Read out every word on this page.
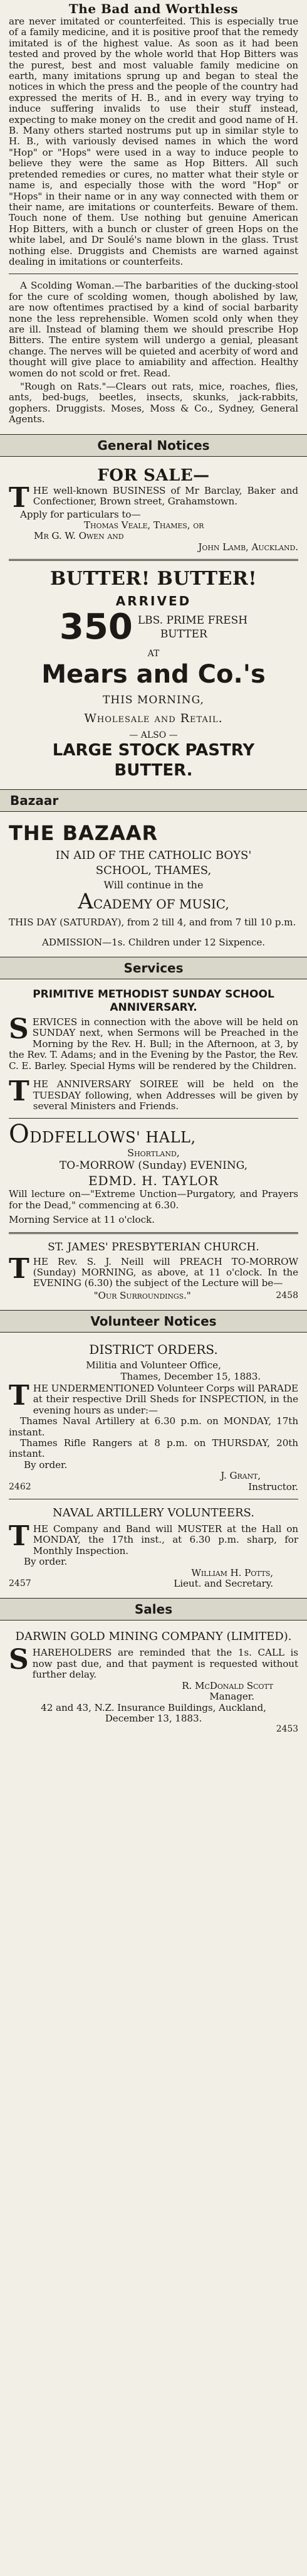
The Bad and Worthless

are never imitated or counterfeited. This is especially true of a family medicine, and it is positive proof that the remedy imitated is of the highest value. As soon as it had been tested and proved by the whole world that Hop Bitters was the purest, best and most valuable family medicine on earth, many imitations sprung up and began to steal the notices in which the press and the people of the country had expressed the merits of H. B., and in every way trying to induce suffering invalids to use their stuff instead, expecting to make money on the credit and good name of H. B. Many others started nostrums put up in similar style to H. B., with variously devised names in which the word "Hop" or "Hops" were used in a way to induce people to believe they were the same as Hop Bitters. All such pretended remedies or cures, no matter what their style or name is, and especially those with the word "Hop" or "Hops" in their name or in any way connected with them or their name, are imitations or counterfeits. Beware of them. Touch none of them. Use nothing but genuine American Hop Bitters, with a bunch or cluster of green Hops on the white label, and Dr Soulé's name blown in the glass. Trust nothing else. Druggists and Chemists are warned against dealing in imitations or counterfeits.

A Scolding Woman.—The barbarities of the ducking-stool for the cure of scolding women, though abolished by law, are now oftentimes practised by a kind of social barbarity none the less reprehensible. Women scold only when they are ill. Instead of blaming them we should prescribe Hop Bitters. The entire system will undergo a genial, pleasant change. The nerves will be quieted and acerbity of word and thought will give place to amiability and affection. Healthy women do not scold or fret. Read.

"Rough on Rats."—Clears out rats, mice, roaches, flies, ants, bed-bugs, beetles, insects, skunks, jack-rabbits, gophers. Druggists. Moses, Moss & Co., Sydney, General Agents.

General Notices
FOR SALE—
T HE well-known BUSINESS of Mr Barclay, Baker and Confectioner, Brown street, Grahamstown.

Apply for particulars to—

Thomas Veale, Thames, or

Mr G. W. Owen and

John Lamb, Auckland.

BUTTER! BUTTER!
ARRIVED
350 LBS. PRIME FRESH
BUTTER
AT
Mears and Co.'s
THIS MORNING,
Wholesale and Retail.
— ALSO —
LARGE STOCK PASTRY
BUTTER.
Bazaar
THE BAZAAR
IN AID OF THE CATHOLIC BOYS'
SCHOOL, THAMES,
Will continue in the
ACADEMY OF MUSIC,

THIS DAY (SATURDAY), from 2 till 4, and from 7 till 10 p.m.

ADMISSION—1s. Children under 12 Sixpence.

Services
PRIMITIVE METHODIST SUNDAY SCHOOL ANNIVERSARY.
S ERVICES in connection with the above will be held on SUNDAY next, when Sermons will be Preached in the Morning by the Rev. H. Bull; in the Afternoon, at 3, by the Rev. T. Adams; and in the Evening by the Pastor, the Rev. C. E. Barley. Special Hyms will be rendered by the Children.

T HE ANNIVERSARY SOIREE will be held on the TUESDAY following, when Addresses will be given by several Ministers and Friends.

ODDFELLOWS' HALL,
Shortland,
TO-MORROW (Sunday) EVENING,
EDMD. H. TAYLOR

Will lecture on—"Extreme Unction—Purgatory, and Prayers for the Dead," commencing at 6.30.

Morning Service at 11 o'clock.

ST. JAMES' PRESBYTERIAN CHURCH.
T HE Rev. S. J. Neill will PREACH TO-MORROW (Sunday) MORNING, as above, at 11 o'clock. In the EVENING (6.30) the subject of the Lecture will be—

2458

"Our Surroundings."

Volunteer Notices
DISTRICT ORDERS.

Militia and Volunteer Office,

Thames, December 15, 1883.

T HE UNDERMENTIONED Volunteer Corps will PARADE at their respective Drill Sheds for INSPECTION, in the evening hours as under:—

Thames Naval Artillery at 6.30 p.m. on MONDAY, 17th instant.

Thames Rifle Rangers at 8 p.m. on THURSDAY, 20th instant.

By order.

J. Grant,

2462	Instructor.

NAVAL ARTILLERY VOLUNTEERS.
T HE Company and Band will MUSTER at the Hall on MONDAY, the 17th inst., at 6.30 p.m. sharp, for Monthly Inspection.

By order.

William H. Potts,

2457	Lieut. and Secretary.

Sales
DARWIN GOLD MINING COMPANY (LIMITED).
S HAREHOLDERS are reminded that the 1s. CALL is now past due, and that payment is requested without further delay.

R. McDonald Scott

Manager.

42 and 43, N.Z. Insurance Buildings, Auckland, December 13, 1883.

2453
